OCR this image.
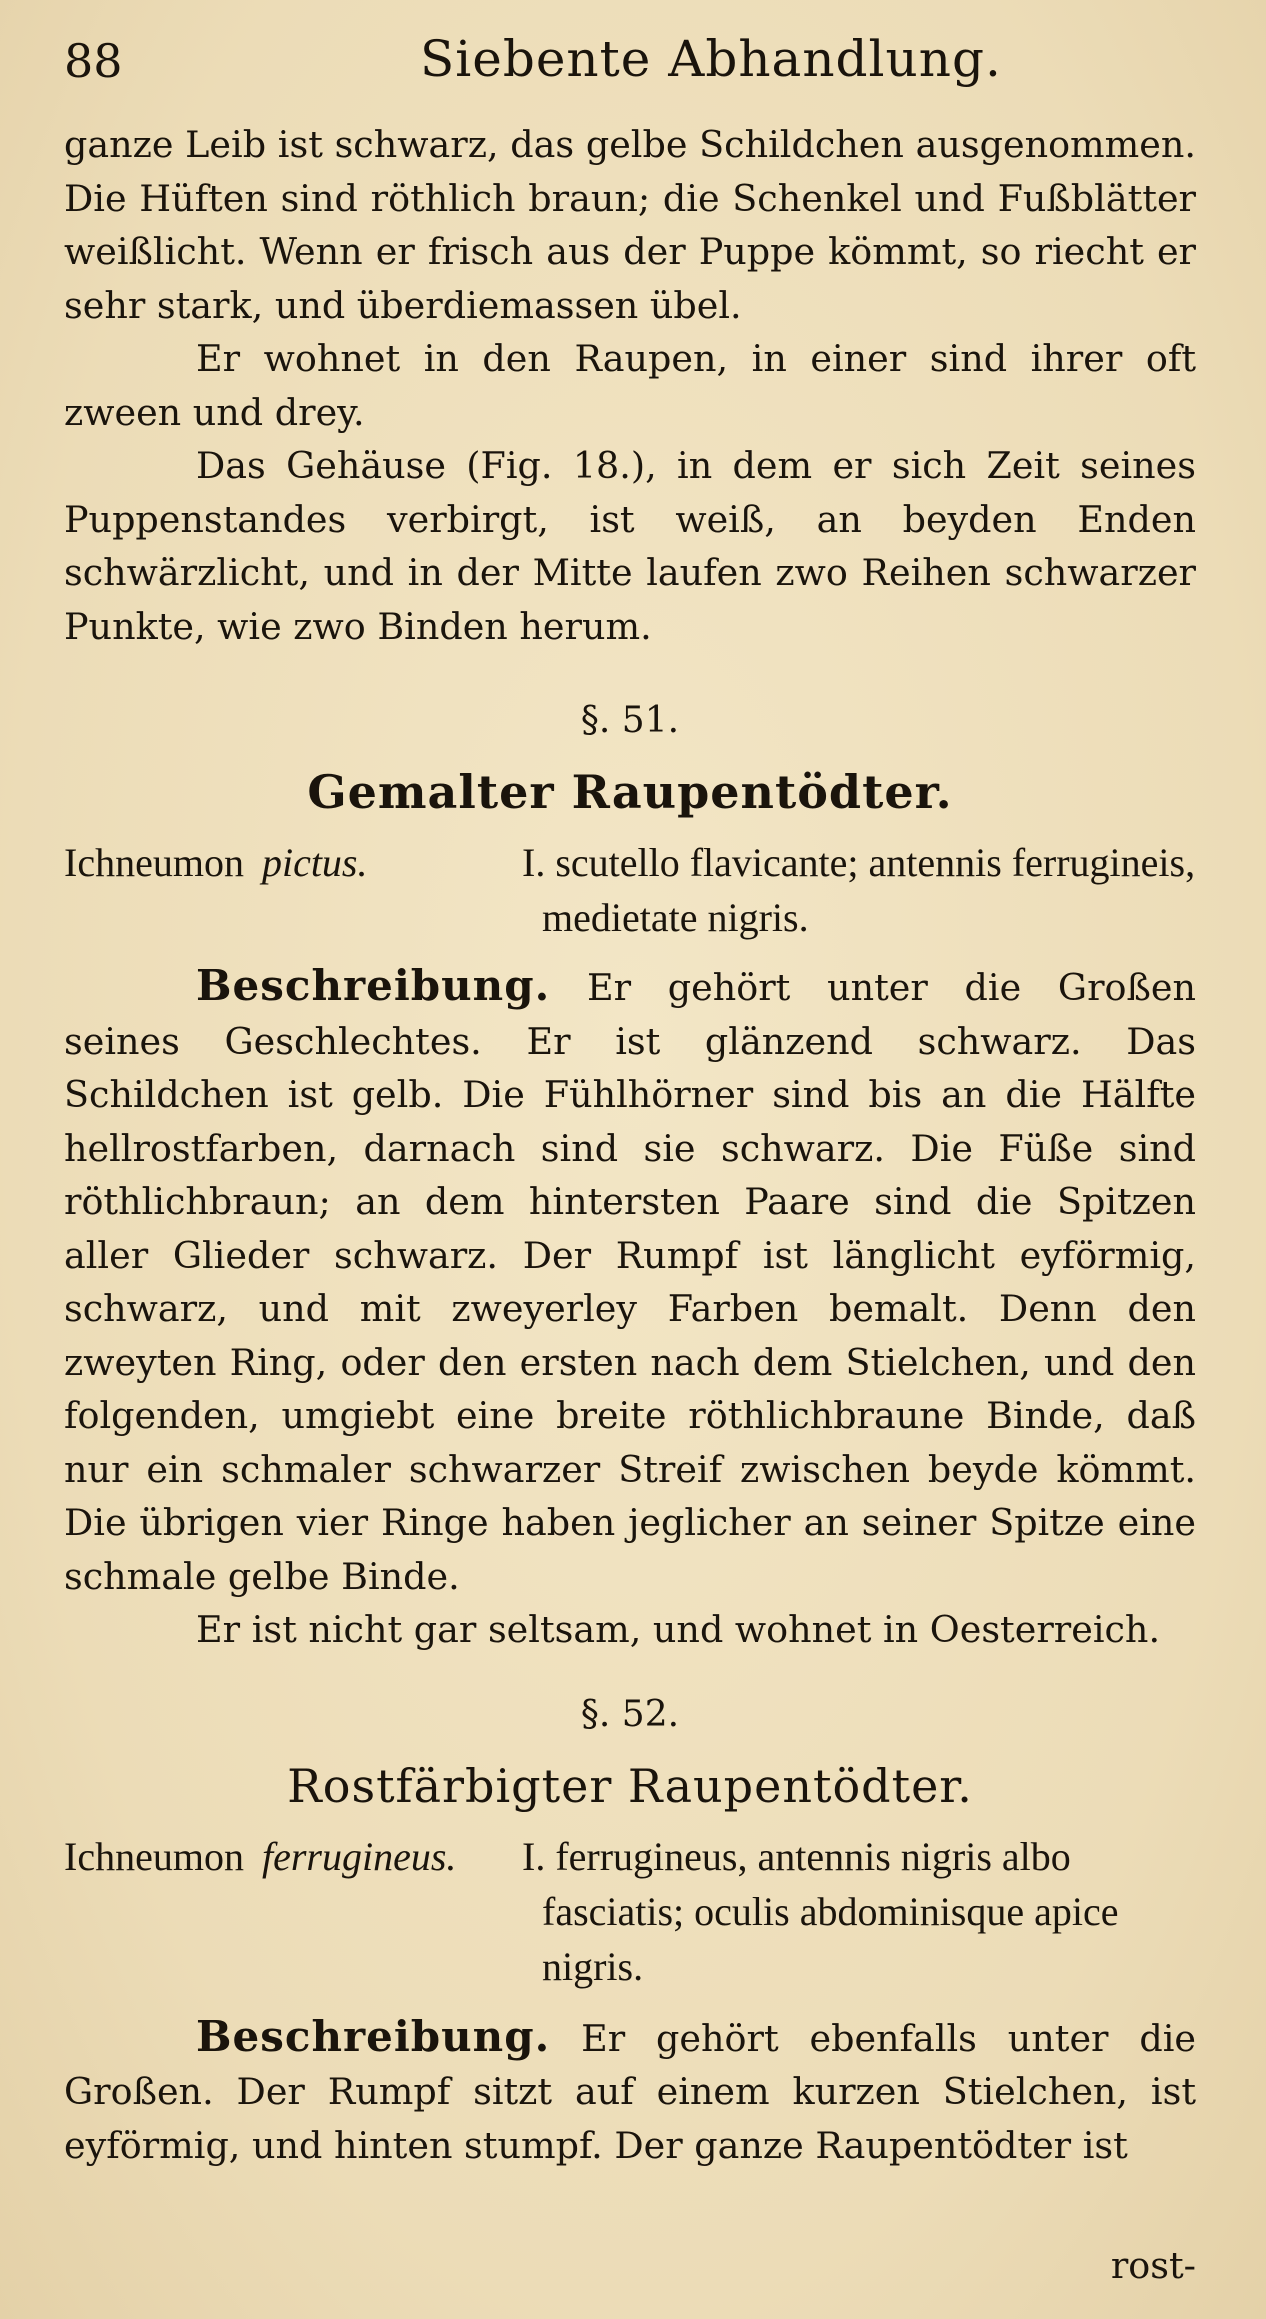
88	Siebente Abhandlung.

ganze Leib ist schwarz, das gelbe Schildchen ausgenommen. Die Hüften sind röthlich braun; die Schenkel und Fußblätter weißlicht. Wenn er frisch aus der Puppe kömmt, so riecht er sehr stark, und überdiemassen übel.

Er wohnet in den Raupen, in einer sind ihrer oft zween und drey.

Das Gehäuse (Fig. 18.), in dem er sich Zeit seines Puppenstandes verbirgt, ist weiß, an beyden Enden schwärzlicht, und in der Mitte laufen zwo Reihen schwarzer Punkte, wie zwo Binden herum.

§. 51.

Gemalter Raupentödter.

Ichneumon pictus.	I. scutello flavicante; antennis ferrugineis, medietate nigris.

Beschreibung. Er gehört unter die Großen seines Geschlechtes. Er ist glänzend schwarz. Das Schildchen ist gelb. Die Fühlhörner sind bis an die Hälfte hellrostfarben, darnach sind sie schwarz. Die Füße sind röthlichbraun; an dem hintersten Paare sind die Spitzen aller Glieder schwarz. Der Rumpf ist länglicht eyförmig, schwarz, und mit zweyerley Farben bemalt. Denn den zweyten Ring, oder den ersten nach dem Stielchen, und den folgenden, umgiebt eine breite röthlichbraune Binde, daß nur ein schmaler schwarzer Streif zwischen beyde kömmt. Die übrigen vier Ringe haben jeglicher an seiner Spitze eine schmale gelbe Binde.

Er ist nicht gar seltsam, und wohnet in Oesterreich.

§. 52.

Rostfärbigter Raupentödter.

Ichneumon ferrugineus. I. ferrugineus, antennis nigris albo fasciatis; oculis abdominisque apice nigris.

Beschreibung. Er gehört ebenfalls unter die Großen. Der Rumpf sitzt auf einem kurzen Stielchen, ist eyförmig, und hinten stumpf. Der ganze Raupentödter ist

rost-
